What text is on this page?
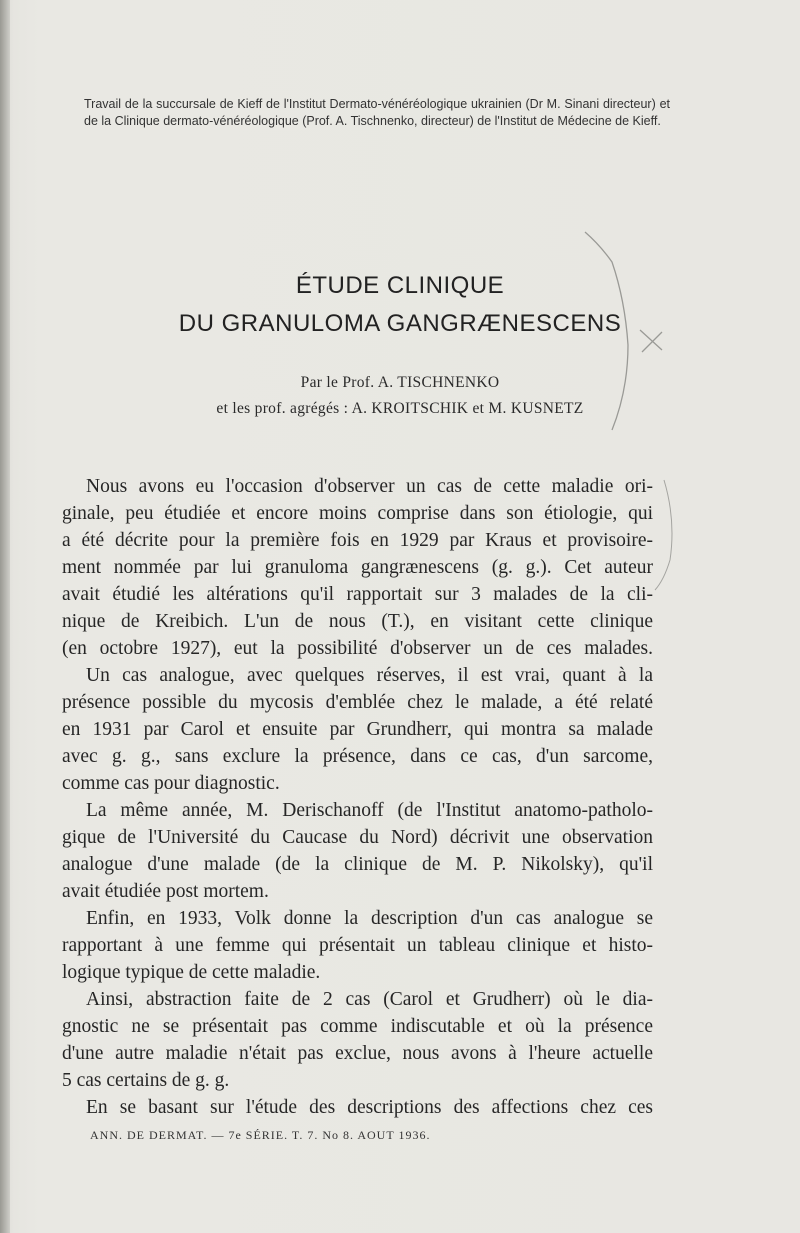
Travail de la succursale de Kieff de l'Institut Dermato-vénéréologique ukrainien (Dr M. Sinani directeur) et de la Clinique dermato-vénéréologique (Prof. A. Tischnenko, directeur) de l'Institut de Médecine de Kieff.
ÉTUDE CLINIQUE
DU GRANULOMA GANGRÆNESCENS
Par le Prof. A. TISCHNENKO
et les prof. agrégés : A. KROITSCHIK et M. KUSNETZ
Nous avons eu l'occasion d'observer un cas de cette maladie ori-
ginale, peu étudiée et encore moins comprise dans son étiologie, qui
a été décrite pour la première fois en 1929 par Kraus et provisoire-
ment nommée par lui granuloma gangrænescens (g. g.). Cet auteur
avait étudié les altérations qu'il rapportait sur 3 malades de la cli-
nique de Kreibich. L'un de nous (T.), en visitant cette clinique
(en octobre 1927), eut la possibilité d'observer un de ces malades.
Un cas analogue, avec quelques réserves, il est vrai, quant à la
présence possible du mycosis d'emblée chez le malade, a été relaté
en 1931 par Carol et ensuite par Grundherr, qui montra sa malade
avec g. g., sans exclure la présence, dans ce cas, d'un sarcome,
comme cas pour diagnostic.
La même année, M. Derischanoff (de l'Institut anatomo-patholo-
gique de l'Université du Caucase du Nord) décrivit une observation
analogue d'une malade (de la clinique de M. P. Nikolsky), qu'il
avait étudiée post mortem.
Enfin, en 1933, Volk donne la description d'un cas analogue se
rapportant à une femme qui présentait un tableau clinique et histo-
logique typique de cette maladie.
Ainsi, abstraction faite de 2 cas (Carol et Grudherr) où le dia-
gnostic ne se présentait pas comme indiscutable et où la présence
d'une autre maladie n'était pas exclue, nous avons à l'heure actuelle
5 cas certains de g. g.
En se basant sur l'étude des descriptions des affections chez ces
ANN. DE DERMAT. — 7e SÉRIE. T. 7. No 8. AOUT 1936.
